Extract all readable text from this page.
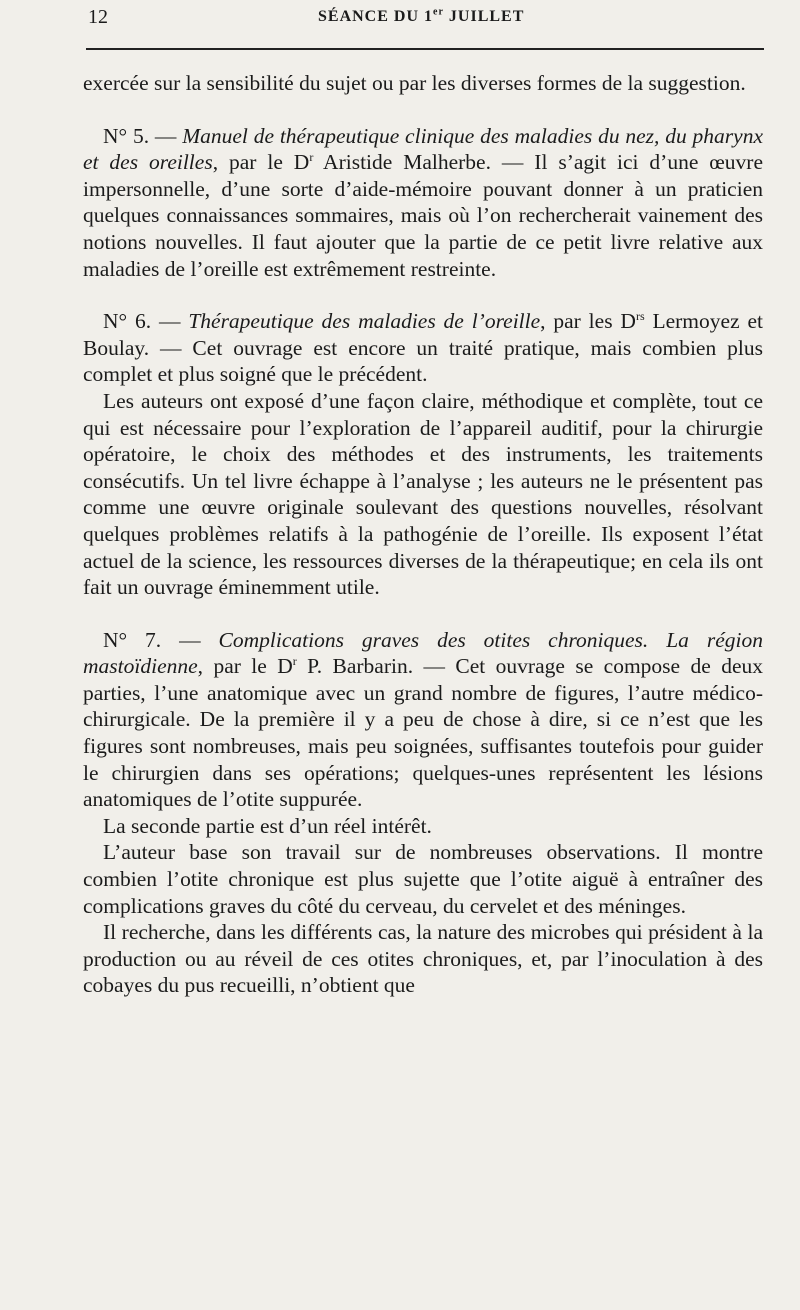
12	SÉANCE DU 1er JUILLET

exercée sur la sensibilité du sujet ou par les diverses formes de la suggestion.

N° 5. — Manuel de thérapeutique clinique des maladies du nez, du pharynx et des oreilles, par le $D^r$ Aristide Malherbe. — Il s’agit ici d’une œuvre impersonnelle, d’une sorte d’aide-mémoire pouvant donner à un praticien quelques connaissances sommaires, mais où l’on rechercherait vainement des notions nouvelles. Il faut ajouter que la partie de ce petit livre relative aux maladies de l’oreille est extrêmement restreinte.

N° 6. — Thérapeutique des maladies de l’oreille, par les $D^{rs}$ Lermoyez et Boulay. — Cet ouvrage est encore un traité pratique, mais combien plus complet et plus soigné que le précédent.

Les auteurs ont exposé d’une façon claire, méthodique et complète, tout ce qui est nécessaire pour l’exploration de l’appareil auditif, pour la chirurgie opératoire, le choix des méthodes et des instruments, les traitements consécutifs. Un tel livre échappe à l’analyse ; les auteurs ne le présentent pas comme une œuvre originale soulevant des questions nouvelles, résolvant quelques problèmes relatifs à la pathogénie de l’oreille. Ils exposent l’état actuel de la science, les ressources diverses de la thérapeutique; en cela ils ont fait un ouvrage éminemment utile.

N° 7. — Complications graves des otites chroniques. La région mastoïdienne, par le $D^r$ P. Barbarin. — Cet ouvrage se compose de deux parties, l’une anatomique avec un grand nombre de figures, l’autre médico-chirurgicale. De la première il y a peu de chose à dire, si ce n’est que les figures sont nombreuses, mais peu soignées, suffisantes toutefois pour guider le chirurgien dans ses opérations; quelques-unes représentent les lésions anatomiques de l’otite suppurée.

La seconde partie est d’un réel intérêt.

L’auteur base son travail sur de nombreuses observations. Il montre combien l’otite chronique est plus sujette que l’otite aiguë à entraîner des complications graves du côté du cerveau, du cervelet et des méninges.

Il recherche, dans les différents cas, la nature des microbes qui président à la production ou au réveil de ces otites chroniques, et, par l’inoculation à des cobayes du pus recueilli, n’obtient que
